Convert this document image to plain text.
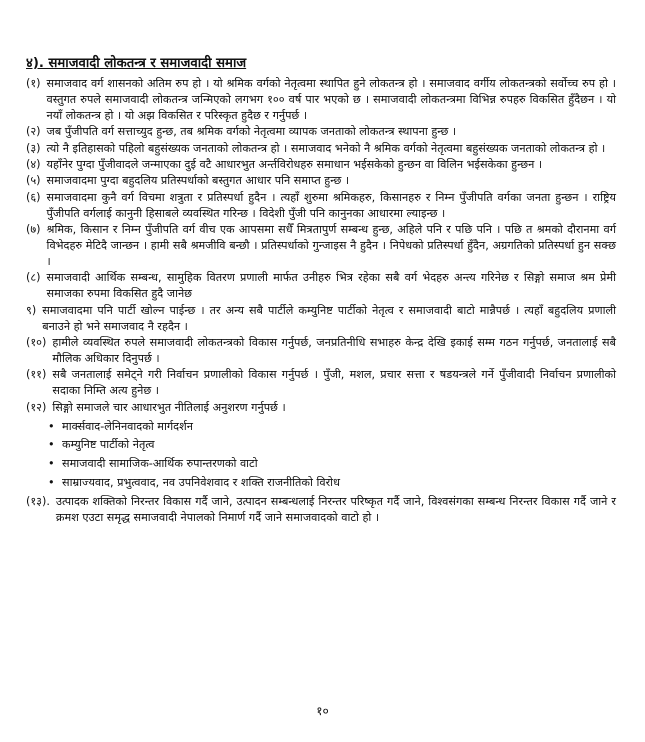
४). समाजवादी लोकतन्त्र र समाजवादी समाज
(१) समाजवाद वर्ग शासनको अतिम रुप हो । यो श्रमिक वर्गको नेतृत्वमा स्थापित हुने लोकतन्त्र हो । समाजवाद वर्गीय लोकतन्त्रको सर्वोच्च रुप हो । वस्तुगत रुपले समाजवादी लोकतन्त्र जन्मिएको लगभग १०० वर्ष पार भएको छ । समाजवादी लोकतन्त्रमा विभिन्न रुपहरु विकसित हुँदैछन । यो नयाँ लोकतन्त्र हो । यो अझ विकसित र परिस्कृत हुदैछ र गर्नुपर्छ ।
(२) जब पुँजीपति वर्ग सत्ताच्युद हुन्छ, तब श्रमिक वर्गको नेतृत्वमा व्यापक जनताको लोकतन्त्र स्थापना हुन्छ ।
(३) त्यो नै इतिहासको पहिलो बहुसंख्यक जनताको लोकतन्त्र हो । समाजवाद भनेको नै श्रमिक वर्गको नेतृत्वमा बहुसंख्यक जनताको लोकतन्त्र हो ।
(४) यहाँनेर पुग्दा पुँजीवादले जन्माएका दुई वटै आधारभुत अर्न्तविरोधहरु समाधान भईसकेको हुन्छन वा विलिन भईसकेका हुन्छन ।
(५) समाजवादमा पुग्दा बहुदलिय प्रतिस्पर्धाको बस्तुगत आधार पनि समाप्त हुन्छ ।
(६) समाजवादमा कुनै वर्ग विचमा शत्रुता र प्रतिस्पर्धा हुदैन । त्यहाँ शुरुमा श्रमिकहरु, किसानहरु र निम्न पुँजीपति वर्गका जनता हुन्छन । राष्ट्रिय पुँजीपति वर्गलाई कानुनी हिसाबले व्यवस्थित गरिन्छ । विदेशी पुँजी पनि कानुनका आधारमा ल्याइन्छ ।
(७) श्रमिक, किसान र निम्न पुँजीपति वर्ग वीच एक आपसमा सधैँ मित्रतापुर्ण सम्बन्ध हुन्छ, अहिले पनि र पछि पनि । पछि त श्रमको दौरानमा वर्ग विभेदहरु मेटिदै जान्छन । हामी सबै श्रमजीवि बन्छौ । प्रतिस्पर्धाको गुन्जाइस नै हुदैन । निपेधको प्रतिस्पर्धा हुँदैन, अग्रगतिको प्रतिस्पर्धा हुन सक्छ ।
(८) समाजवादी आर्थिक सम्बन्ध, सामुहिक वितरण प्रणाली मार्फत उनीहरु भित्र रहेका सबै वर्ग भेदहरु अन्त्य गरिनेछ र सिङ्गो समाज श्रम प्रेमी समाजका रुपमा विकसित हुदै जानेछ
९) समाजवादमा पनि पार्टी खोल्न पाईन्छ । तर अन्य सबै पार्टीले कम्युनिष्ट पार्टीको नेतृत्व र समाजवादी बाटो मान्नैपर्छ । त्यहाँ बहुदलिय प्रणाली बनाउने हो भने समाजवाद नै रहदैन ।
(१०) हामीले व्यवस्थित रुपले समाजवादी लोकतन्त्रको विकास गर्नुपर्छ, जनप्रतिनीधि सभाहरु केन्द्र देखि इकाई सम्म गठन गर्नुपर्छ, जनतालाई सबै मौलिक अधिकार दिनुपर्छ ।
(११) सबै जनतालाई समेट्ने गरी निर्वाचन प्रणालीको विकास गर्नुपर्छ । पुँजी, मशल, प्रचार सत्ता र षडयन्त्रले गर्ने पुँजीवादी निर्वाचन प्रणालीको सदाका निम्ति अत्य हुनेछ ।
(१२) सिङ्गो समाजले चार आधारभुत नीतिलाई अनुशरण गर्नुपर्छ ।
• मार्क्सवाद-लेनिनवादको मार्गदर्शन
• कम्युनिष्ट पार्टीको नेतृत्व
• समाजवादी सामाजिक-आर्थिक रुपान्तरणको वाटो
• साम्राज्यवाद, प्रभुत्ववाद, नव उपनिवेशवाद र शक्ति राजनीतिको विरोध
(१३). उत्पादक शक्तिको निरन्तर विकास गर्दै जाने, उत्पादन सम्बन्धलाई निरन्तर परिष्कृत गर्दै जाने, विश्वसंगका सम्बन्ध निरन्तर विकास गर्दै जाने र क्रमश एउटा समृद्ध समाजवादी नेपालको निमार्ण गर्दै जाने समाजवादको वाटो हो ।
१०
